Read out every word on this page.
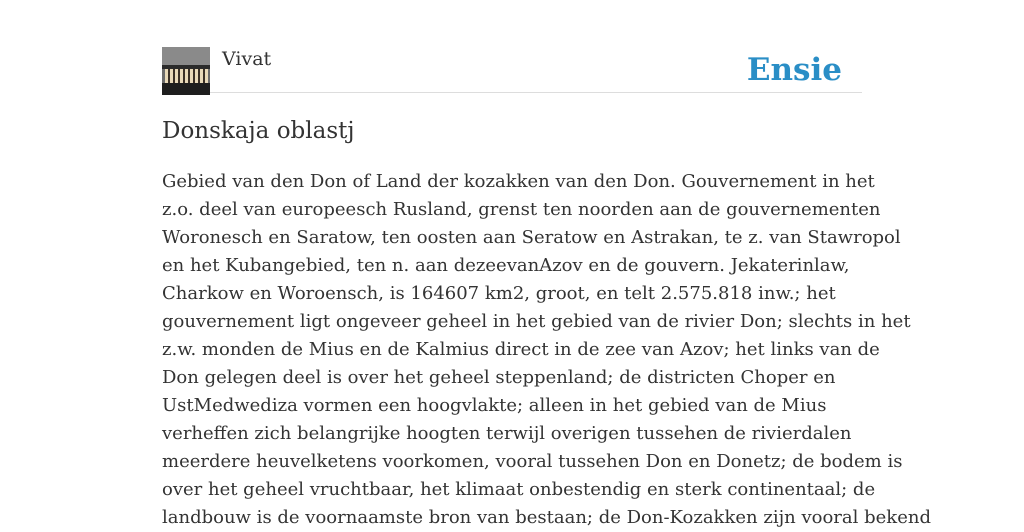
Vivat	Ensie
Donskaja oblastj
Gebied van den Don of Land der kozakken van den Don. Gouvernement in het
z.o. deel van europeesch Rusland, grenst ten noorden aan de gouvernementen
Woronesch en Saratow, ten oosten aan Seratow en Astrakan, te z. van Stawropol
en het Kubangebied, ten n. aan dezeevanAzov en de gouvern. Jekaterinlaw,
Charkow en Woroensch, is 164607 km2, groot, en telt 2.575.818 inw.; het
gouvernement ligt ongeveer geheel in het gebied van de rivier Don; slechts in het
z.w. monden de Mius en de Kalmius direct in de zee van Azov; het links van de
Don gelegen deel is over het geheel steppenland; de districten Choper en
UstMedwediza vormen een hoogvlakte; alleen in het gebied van de Mius
verheffen zich belangrijke hoogten terwijl overigen tussehen de rivierdalen
meerdere heuvelketens voorkomen, vooral tussehen Don en Donetz; de bodem is
over het geheel vruchtbaar, het klimaat onbestendig en sterk continentaal; de
landbouw is de voornaamste bron van bestaan; de Don-Kozakken zijn vooral bekend
